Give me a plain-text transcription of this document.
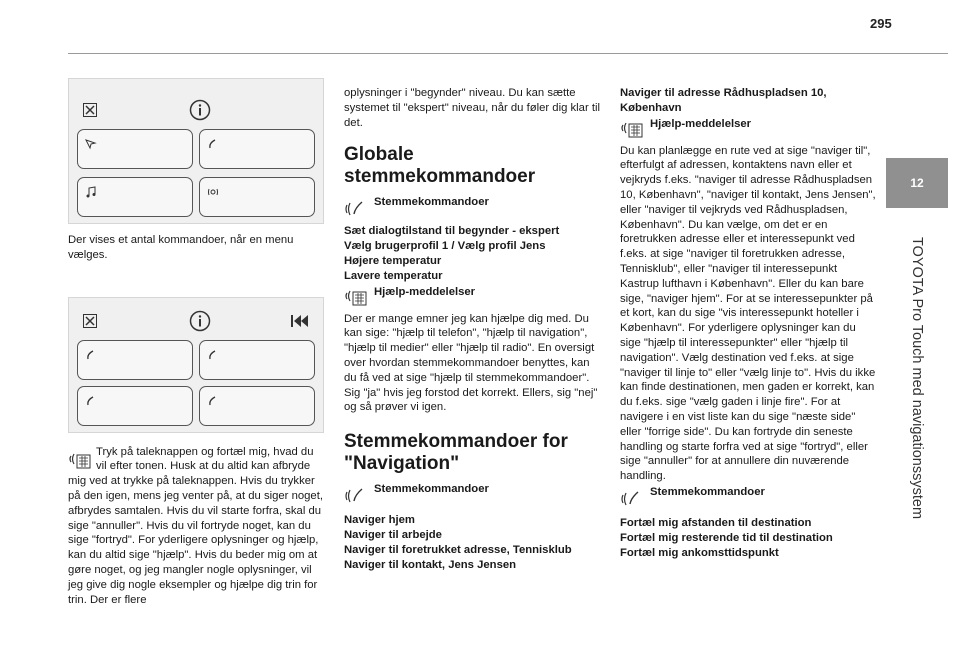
295
12
TOYOTA Pro Touch med navigationssystem

Der vises et antal kommandoer, når en menu vælges.

Tryk på taleknappen og fortæl mig, hvad du vil efter tonen. Husk at du altid kan afbryde mig ved at trykke på taleknappen. Hvis du trykker på den igen, mens jeg venter på, at du siger noget, afbrydes samtalen. Hvis du vil starte forfra, skal du sige "annuller". Hvis du vil fortryde noget, kan du sige "fortryd". For yderligere oplysninger og hjælp, kan du altid sige "hjælp". Hvis du beder mig om at gøre noget, og jeg mangler nogle oplysninger, vil jeg give dig nogle eksempler og hjælpe dig trin for trin. Der er flere

oplysninger i "begynder" niveau. Du kan sætte systemet til "ekspert" niveau, når du føler dig klar til det.

Globale stemmekommandoer
Stemmekommandoer
Sæt dialogtilstand til begynder - ekspert
Vælg brugerprofil 1 / Vælg profil Jens
Højere temperatur
Lavere temperatur
Hjælp-meddelelser

Der er mange emner jeg kan hjælpe dig med. Du kan sige: "hjælp til telefon", "hjælp til navigation", "hjælp til medier" eller "hjælp til radio". En oversigt over hvordan stemmekommandoer benyttes, kan du få ved at sige "hjælp til stemmekommandoer".

Sig "ja" hvis jeg forstod det korrekt. Ellers, sig "nej" og så prøver vi igen.

Stemmekommandoer for "Navigation"
Stemmekommandoer
Naviger hjem
Naviger til arbejde
Naviger til foretrukket adresse, Tennisklub
Naviger til kontakt, Jens Jensen
Naviger til adresse Rådhuspladsen 10, København
Hjælp-meddelelser

Du kan planlægge en rute ved at sige "naviger til", efterfulgt af adressen, kontaktens navn eller et vejkryds f.eks. "naviger til adresse Rådhuspladsen 10, København", "naviger til kontakt, Jens Jensen", eller "naviger til vejkryds ved Rådhuspladsen, København". Du kan vælge, om det er en foretrukken adresse eller et interessepunkt ved f.eks. at sige "naviger til foretrukken adresse, Tennisklub", eller "naviger til interessepunkt Kastrup lufthavn i København". Eller du kan bare sige, "naviger hjem". For at se interessepunkter på et kort, kan du sige "vis interessepunkt hoteller i København". For yderligere oplysninger kan du sige "hjælp til interessepunkter" eller "hjælp til navigation". Vælg destination ved f.eks. at sige "naviger til linje to" eller "vælg linje to". Hvis du ikke kan finde destinationen, men gaden er korrekt, kan du f.eks. sige "vælg gaden i linje fire". For at navigere i en vist liste kan du sige "næste side" eller "forrige side". Du kan fortryde din seneste handling og starte forfra ved at sige "fortryd", eller sige "annuller" for at annullere din nuværende handling.

Stemmekommandoer
Fortæl mig afstanden til destination
Fortæl mig resterende tid til destination
Fortæl mig ankomsttidspunkt
